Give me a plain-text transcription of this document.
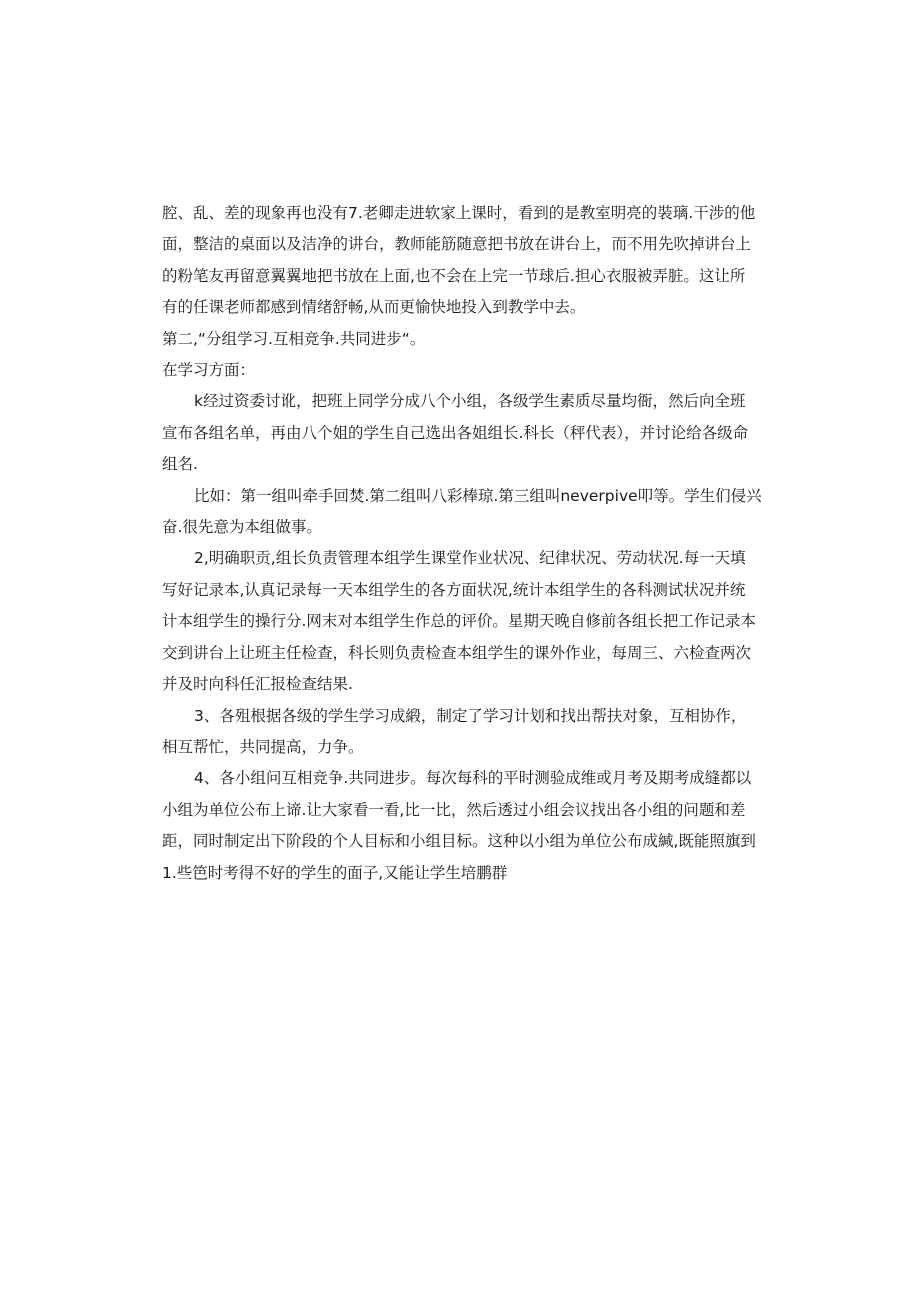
腔、乱、差的现象再也没有7.老卿走进软家上课时，看到的是教室明亮的裝璃.干涉的他
面，整洁的桌面以及洁净的讲台，教师能筋随意把书放在讲台上，而不用先吹掉讲台上
的粉笔友再留意翼翼地把书放在上面,也不会在上完一节球后.担心衣服被弄脏。这让所
有的任课老师都感到情绪舒畅,从而更愉快地投入到教学中去。

第二,“分组学习.互相竞争.共同进步“。

在学习方面：

k经过资委讨讹，把班上同学分成八个小组，各级学生素质尽量均衙，然后向全班
宣布各组名单，再由八个姐的学生自己选出各姐组长.科长（秤代表），并讨论给各级命
组名.

比如：第一组叫牵手回焚.第二组叫八彩棒琼.第三组叫neverpive叩等。学生们侵兴
奋.很先意为本组做事。

2,明确职贡,组长负责管理本组学生课堂作业状况、纪律状况、劳动状况.每一天填
写好记录本,认真记录每一天本组学生的各方面状况,统计本组学生的各科测试状况并统
计本组学生的操行分.网末对本组学生作总的评价。星期天晚自修前各组长把工作记录本
交到讲台上让班主任检查，科长则负责检查本组学生的课外作业，每周三、六检查两次
并及时向科任汇报检查结果.

3、各殂根据各级的学生学习成緞，制定了学习计划和找出帮扶对象，互相协作，
相互帮忙，共同提高，力争。

4、各小组问互相竞争.共同进步。每次每科的平时测验成维或月考及期考成缝都以
小组为单位公布上谛.让大家看一看,比一比，然后透过小组会议找出各小组的问题和差
距，同时制定出下阶段的个人目标和小组目标。这种以小组为单位公布成緘,既能照旗到
1.些笆时考得不好的学生的面子,又能让学生培鹏群
